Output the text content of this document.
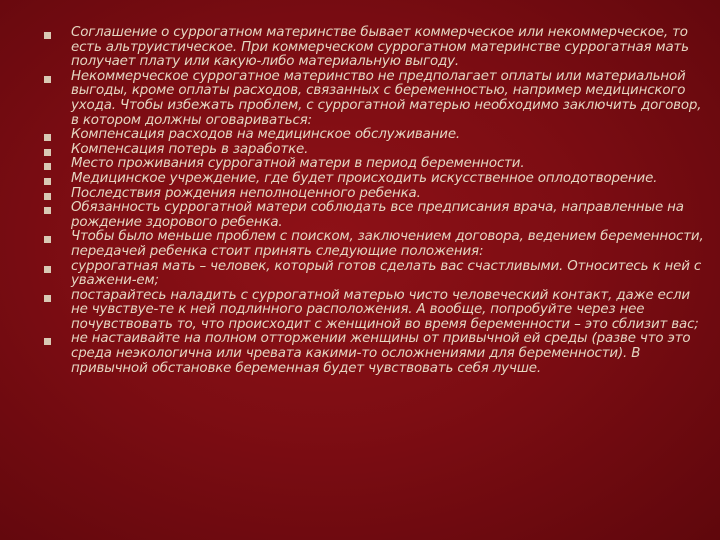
Соглашение о суррогатном материнстве бывает коммерческое или некоммерческое, то есть альтруистическое. При коммерческом суррогатном материнстве суррогатная мать получает плату или какую-либо материальную выгоду.
Некоммерческое суррогатное материнство не предполагает оплаты или материальной выгоды, кроме оплаты расходов, связанных с беременностью, например медицинского ухода. Чтобы избежать проблем, с суррогатной матерью необходимо заключить договор, в котором должны оговариваться:
Компенсация расходов на медицинское обслуживание.
Компенсация потерь в заработке.
Место проживания суррогатной матери в период беременности.
Медицинское учреждение, где будет происходить искусственное оплодотворение.
Последствия рождения неполноценного ребенка.
Обязанность суррогатной матери соблюдать все предписания врача, направленные на рождение здорового ребенка.
Чтобы было меньше проблем с поиском, заключением договора, ведением беременности, передачей ребенка стоит принять следующие положения:
суррогатная мать – человек, который готов сделать вас счастливыми. Относитесь к ней с уважени-ем;
постарайтесь наладить с суррогатной матерью чисто человеческий контакт, даже если не чувствуе-те к ней подлинного расположения. А вообще, попробуйте через нее почувствовать то, что происходит с женщиной во время беременности – это сблизит вас;
не настаивайте на полном отторжении женщины от привычной ей среды (разве что это среда неэкологична или чревата какими-то осложнениями для беременности). В привычной обстановке беременная будет чувствовать себя лучше.
